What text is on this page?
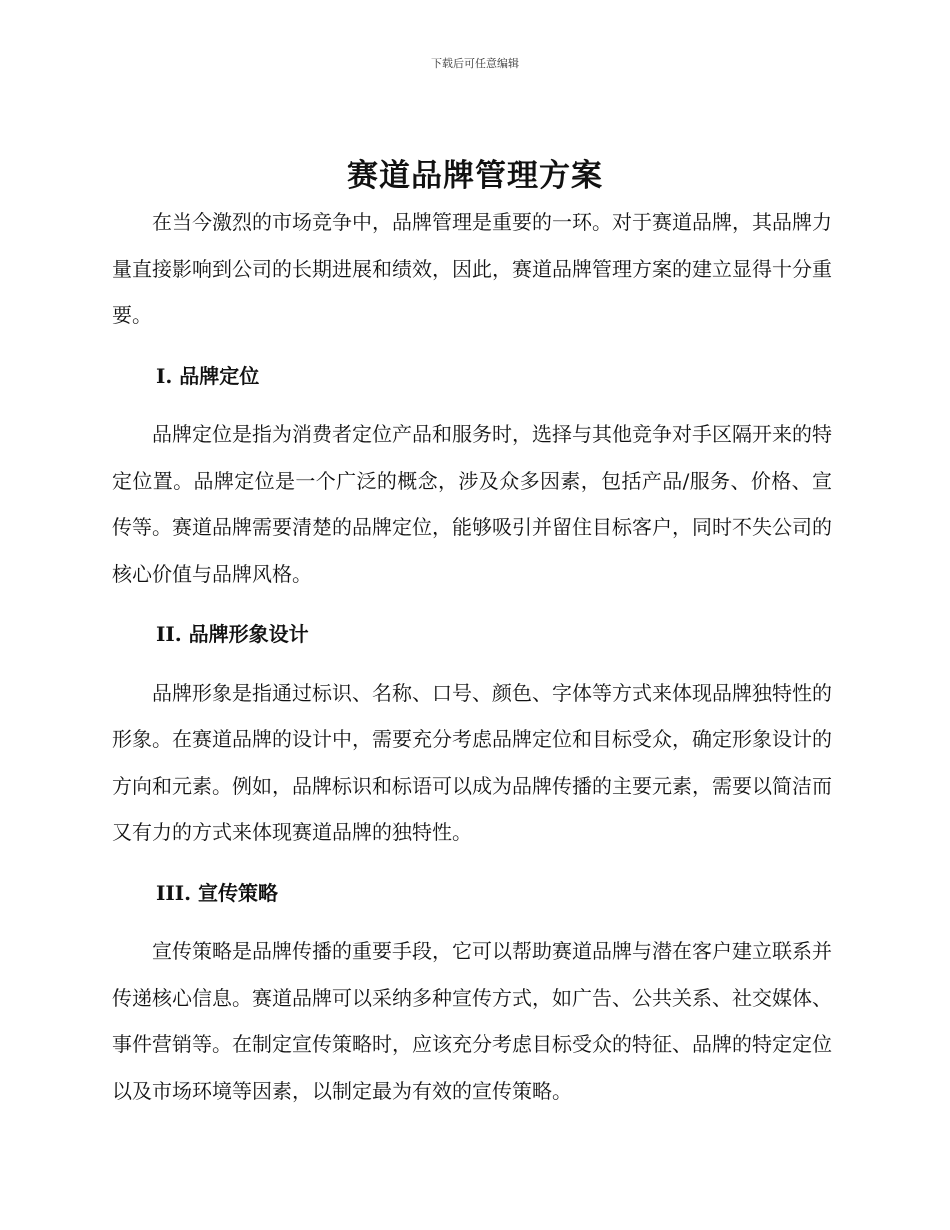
下载后可任意编辑
赛道品牌管理方案

在当今激烈的市场竞争中，品牌管理是重要的一环。对于赛道品牌，其品牌力量直接影响到公司的长期进展和绩效，因此，赛道品牌管理方案的建立显得十分重要。

I. 品牌定位

品牌定位是指为消费者定位产品和服务时，选择与其他竞争对手区隔开来的特定位置。品牌定位是一个广泛的概念，涉及众多因素，包括产品/服务、价格、宣传等。赛道品牌需要清楚的品牌定位，能够吸引并留住目标客户，同时不失公司的核心价值与品牌风格。

II. 品牌形象设计

品牌形象是指通过标识、名称、口号、颜色、字体等方式来体现品牌独特性的形象。在赛道品牌的设计中，需要充分考虑品牌定位和目标受众，确定形象设计的方向和元素。例如，品牌标识和标语可以成为品牌传播的主要元素，需要以简洁而又有力的方式来体现赛道品牌的独特性。

III. 宣传策略

宣传策略是品牌传播的重要手段，它可以帮助赛道品牌与潜在客户建立联系并传递核心信息。赛道品牌可以采纳多种宣传方式，如广告、公共关系、社交媒体、事件营销等。在制定宣传策略时，应该充分考虑目标受众的特征、品牌的特定定位以及市场环境等因素，以制定最为有效的宣传策略。
